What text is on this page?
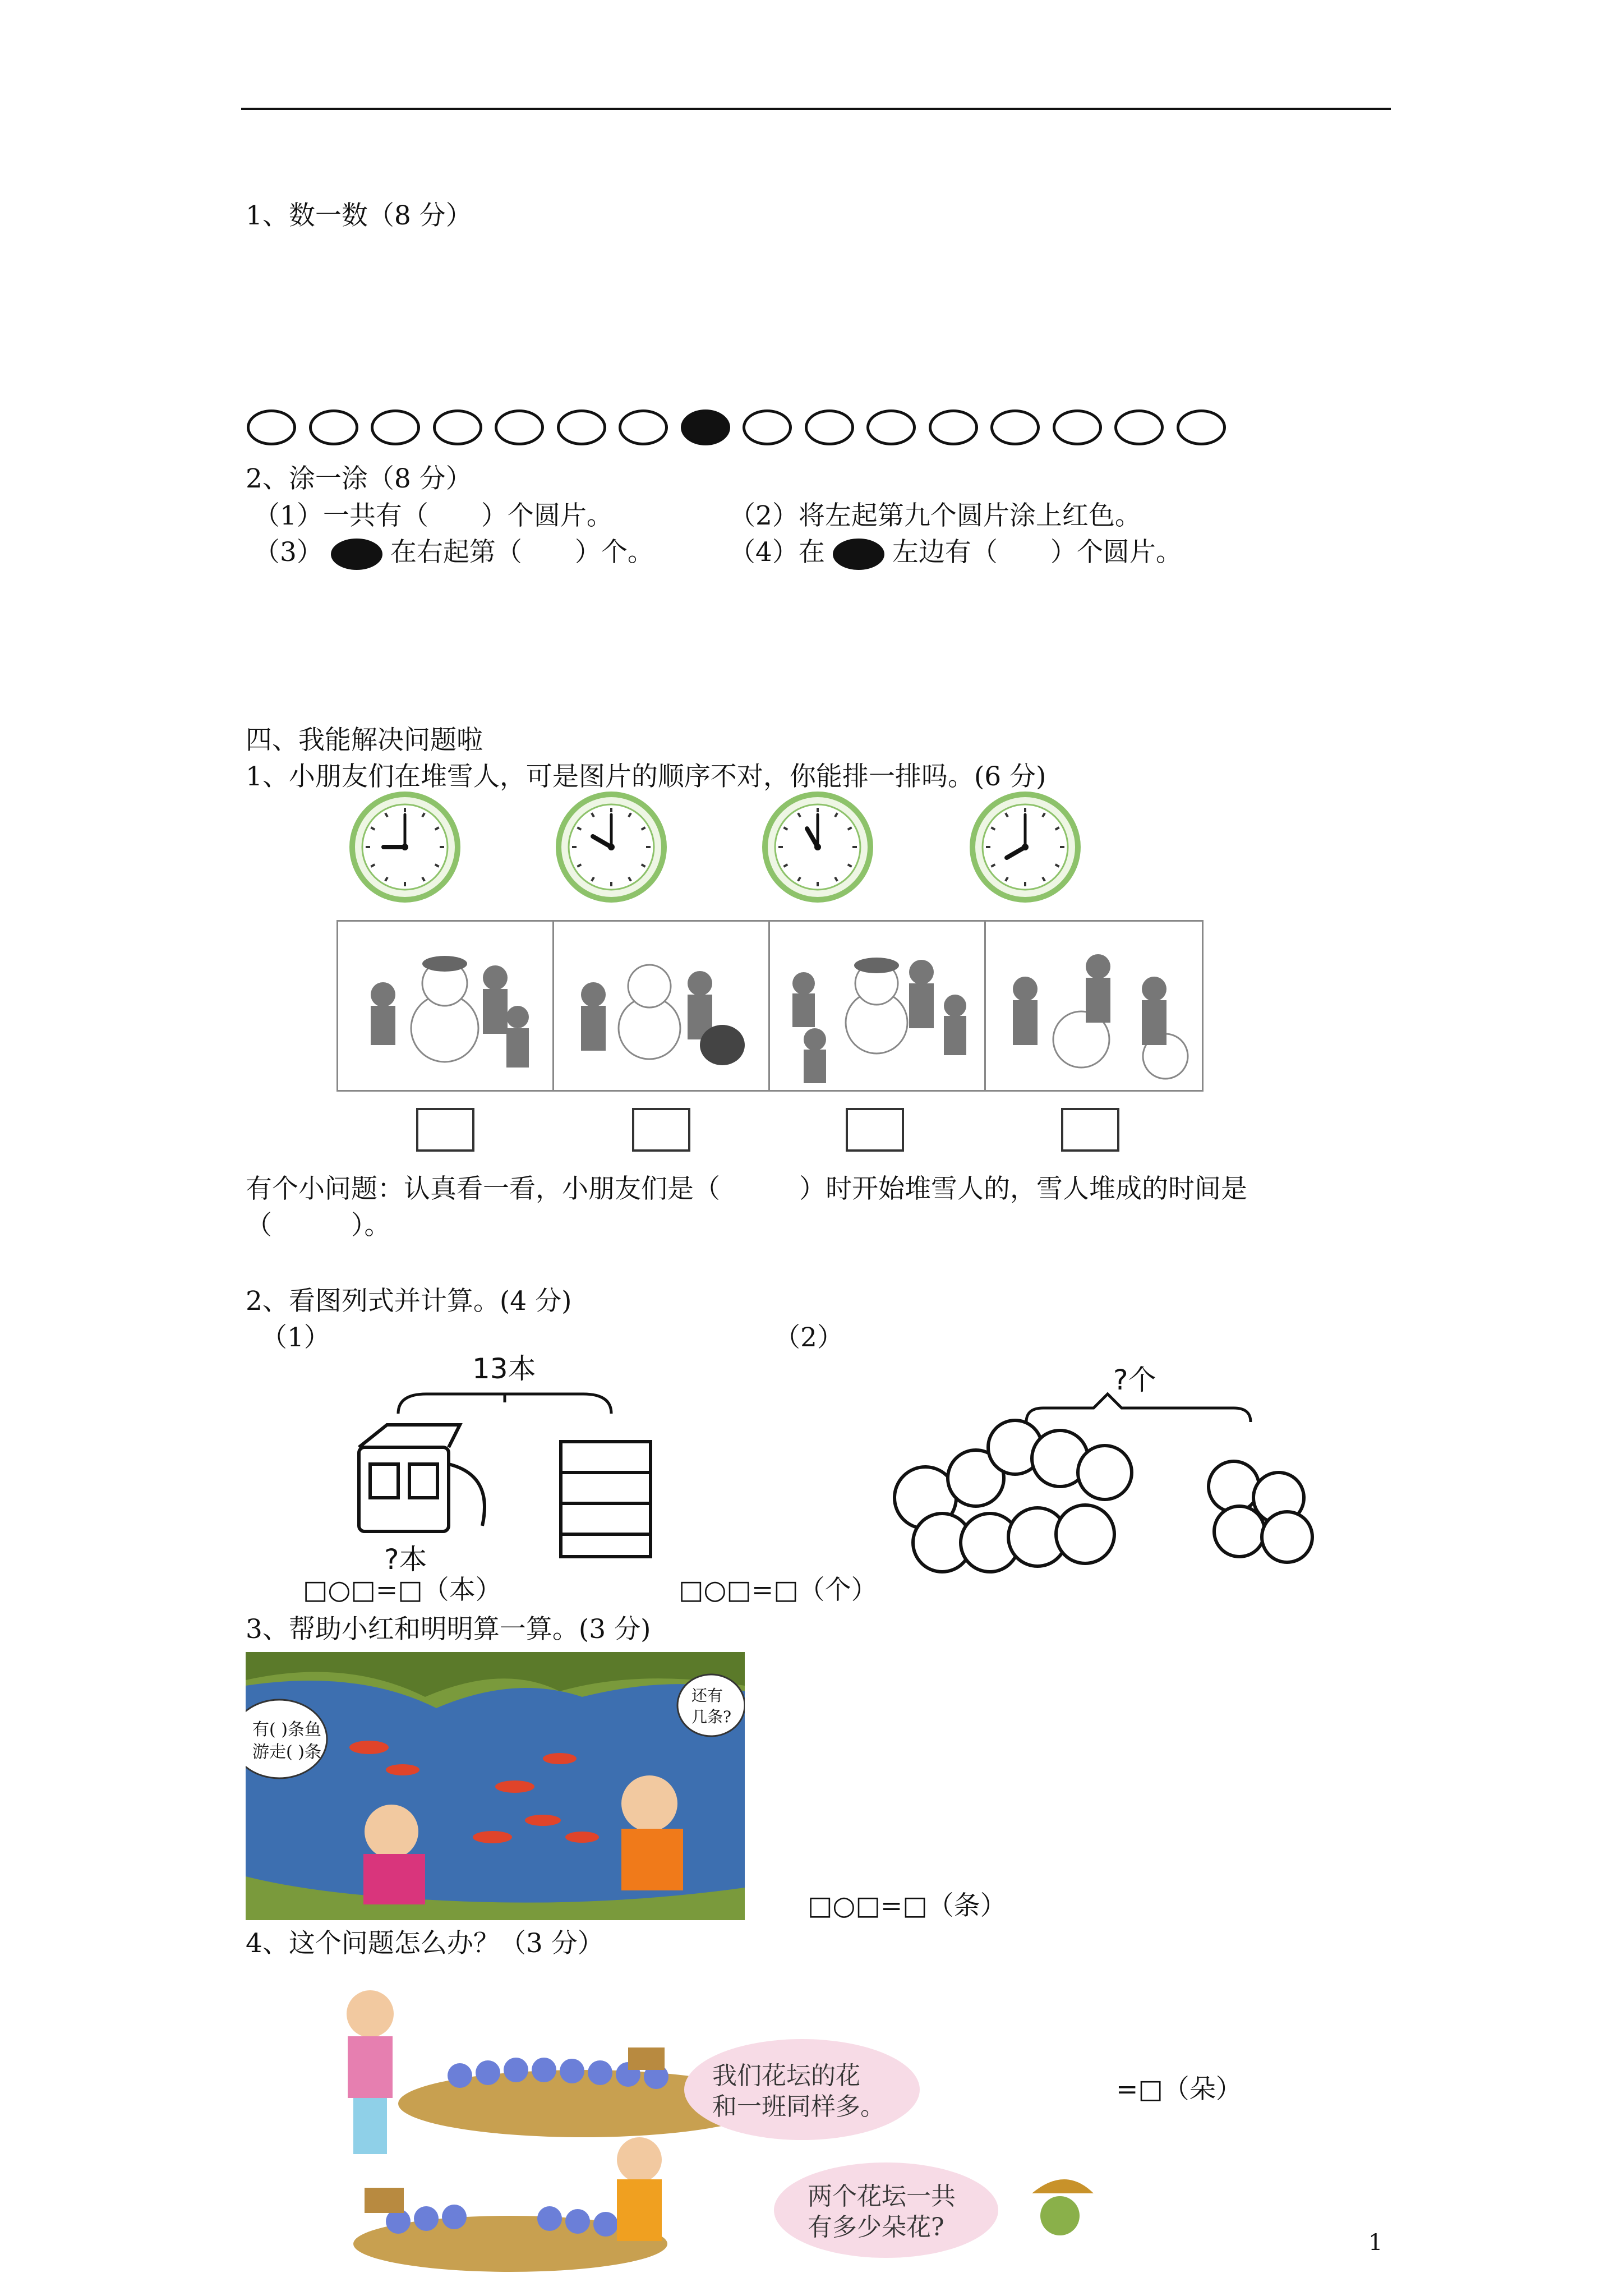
1、数一数（8 分）
2、涂一涂（8 分）
（1）一共有（　　）个圆片。	（2）将左起第九个圆片涂上红色。
（3）	在右起第（　　）个。	（4）在	左边有（　　）个圆片。
四、我能解决问题啦
1、小朋友们在堆雪人，可是图片的顺序不对，你能排一排吗。(6 分)
有个小问题：认真看一看，小朋友们是（　　　）时开始堆雪人的，雪人堆成的时间是
（　　　）。
2、看图列式并计算。(4 分)
（1）	（2）
13本
?本
?个
□○□=□（本）	□○□=□（个）
3、帮助小红和明明算一算。(3 分)
有( )条鱼
游走( )条
还有
几条?
□○□=□（条）
4、这个问题怎么办？（3 分）
我们花坛的花
和一班同样多。
两个花坛一共
有多少朵花?
=□（朵）
1
